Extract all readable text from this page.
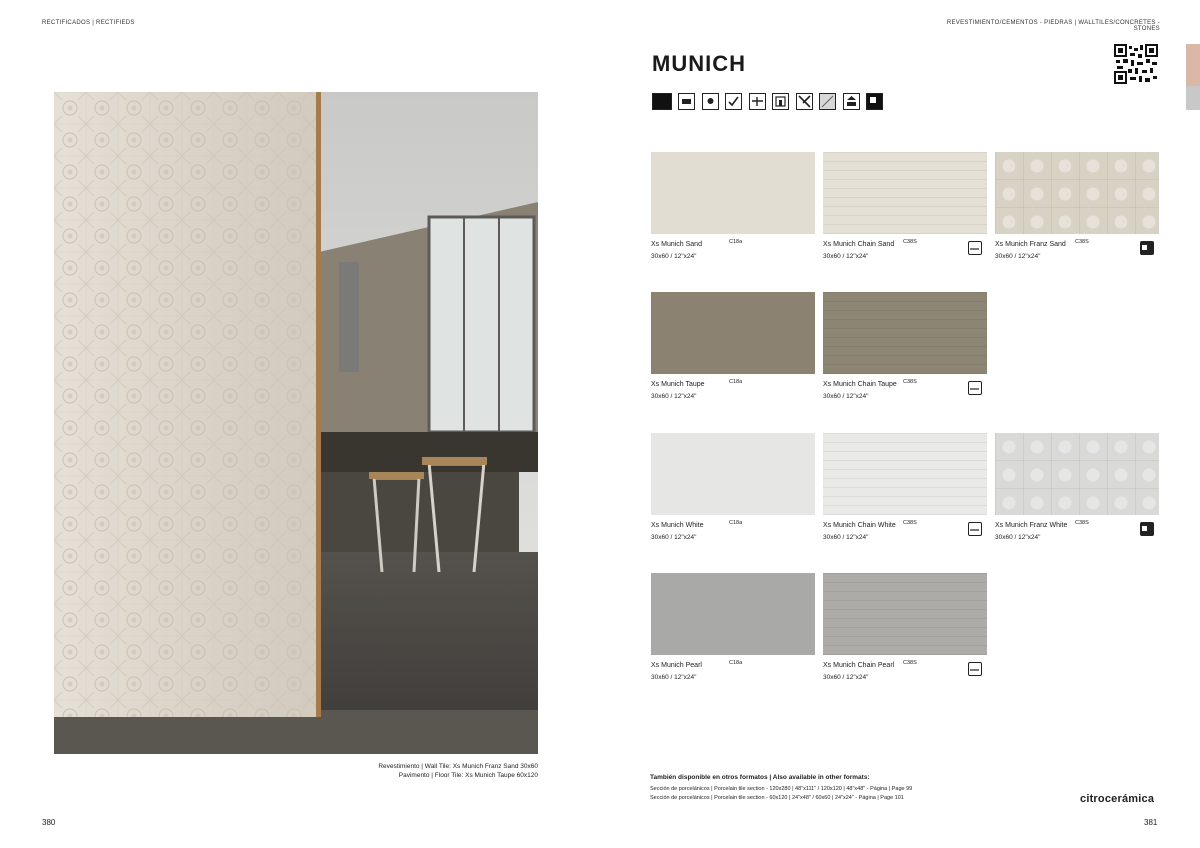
RECTIFICADOS | RECTIFIEDS	REVESTIMIENTO/CEMENTOS - PIEDRAS | WALLTILES/CONCRETES - STONES
Revestimiento | Wall Tile: Xs Munich Franz Sand 30x60
Pavimento | Floor Tile: Xs Munich Taupe 60x120
380	381
MUNICH

Xs Munich Sand	C18a
30x60 / 12"x24"
Xs Munich Chain Sand C38S
30x60 / 12"x24"
Xs Munich Franz Sand C38S
30x60 / 12"x24"
Xs Munich Taupe	C18a
30x60 / 12"x24"
Xs Munich Chain Taupe C38S
30x60 / 12"x24"
Xs Munich White	C18a
30x60 / 12"x24"
Xs Munich Chain White C38S
30x60 / 12"x24"
Xs Munich Franz White C38S
30x60 / 12"x24"
Xs Munich Pearl	C18a
30x60 / 12"x24"
Xs Munich Chain Pearl C38S
30x60 / 12"x24"
También disponible en otros formatos | Also available in other formats:
Sección de porcelánicos | Porcelain tile section - 120x280 | 48"x111" / 120x120 | 48"x48" - Página | Page 99
Sección de porcelánicos | Porcelain tile section - 60x120 | 24"x48" / 60x60 | 24"x24" - Página | Page 101	citrocerámica
